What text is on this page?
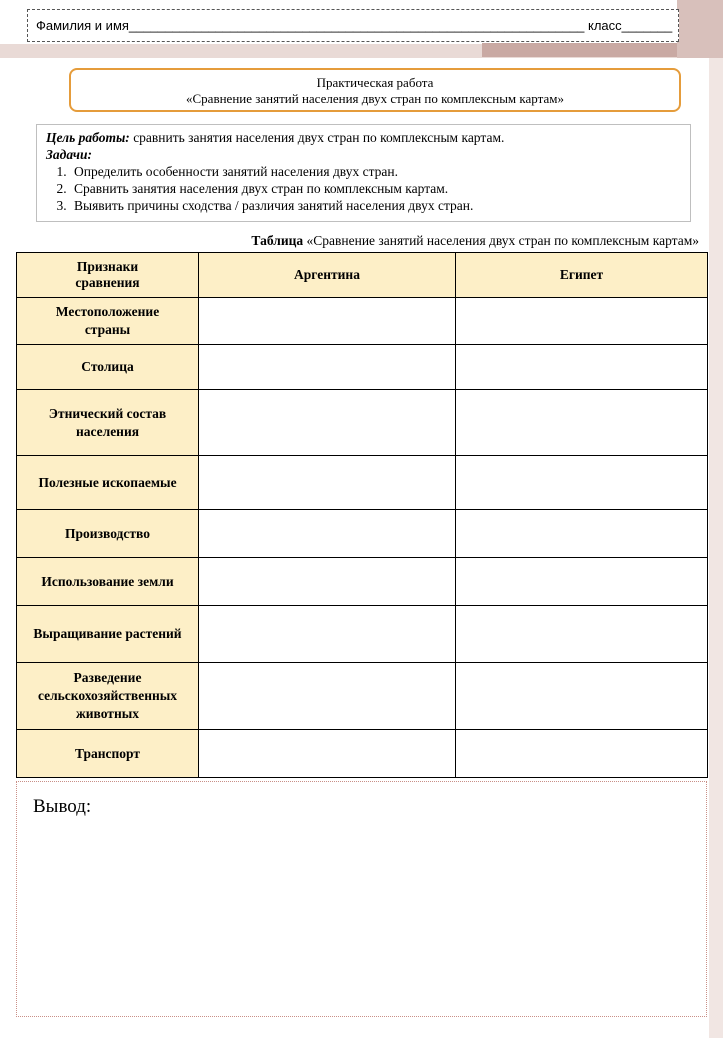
Фамилия и имя_______________________________________________________________ класс_______
Практическая работа
«Сравнение занятий населения двух стран по комплексным картам»
Цель работы: сравнить занятия населения двух стран по комплексным картам.
Задачи:
1. Определить особенности занятий населения двух стран.
2. Сравнить занятия населения двух стран по комплексным картам.
3. Выявить причины сходства / различия занятий населения двух стран.
Таблица «Сравнение занятий населения двух стран по комплексным картам»
Признаки сравнения	Аргентина	Египет
Местоположение страны		
Столица		
Этнический состав населения		
Полезные ископаемые		
Производство		
Использование земли		
Выращивание растений		
Разведение сельскохозяйственных животных		
Транспорт		
Вывод:
